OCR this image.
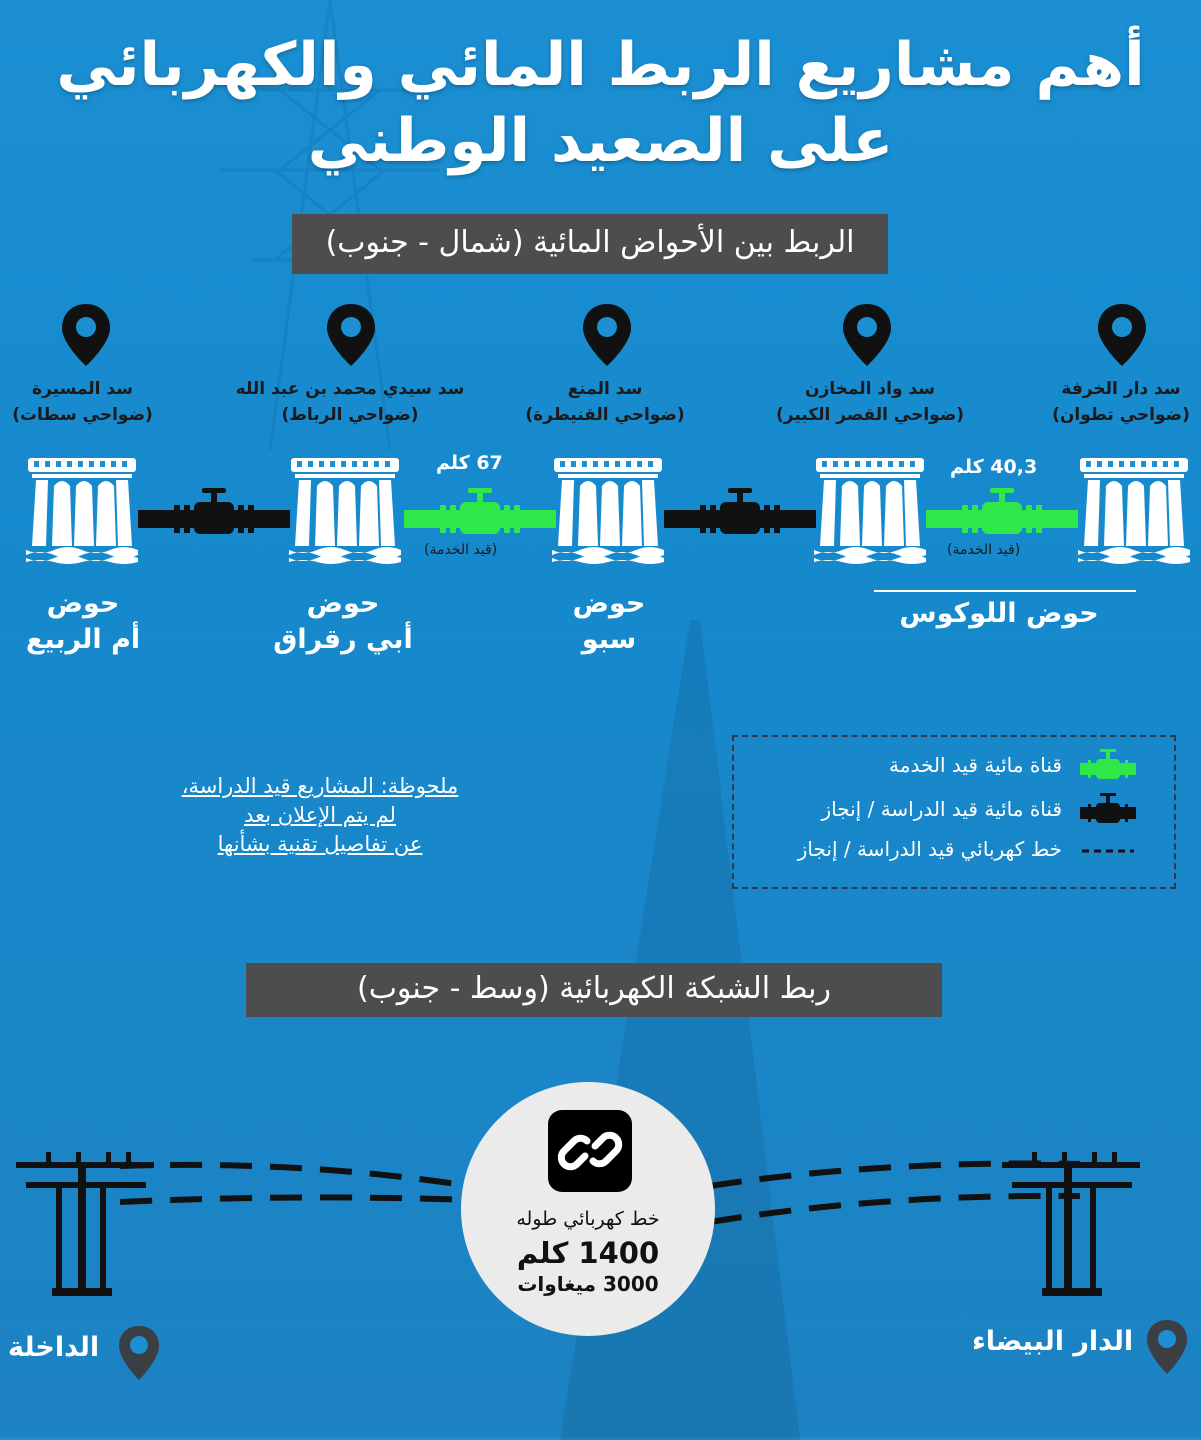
أهم مشاريع الربط المائي والكهربائي
على الصعيد الوطني
الربط بين الأحواض المائية (شمال - جنوب)
سد المسيرة
(ضواحي سطات)
سد سيدي محمد بن عبد الله
(ضواحي الرباط)
سد المنع
(ضواحي القنيطرة)
سد واد المخازن
(ضواحي القصر الكبير)
سد دار الخرفة
(ضواحي تطوان)
67 كلم
(قيد الخدمة)
40,3 كلم
(قيد الخدمة)
حوض
أم الربيع
حوض
أبي رقراق
حوض
سبو
حوض اللوكوس
ملحوظة: المشاريع قيد الدراسة،
لم يتم الإعلان بعد
عن تفاصيل تقنية بشأنها
قناة مائية قيد الخدمة
قناة مائية قيد الدراسة / إنجاز
خط كهربائي قيد الدراسة / إنجاز
ربط الشبكة الكهربائية (وسط - جنوب)
خط كهربائي طوله
1400 كلم
3000 ميغاوات
الداخلة	الدار البيضاء
